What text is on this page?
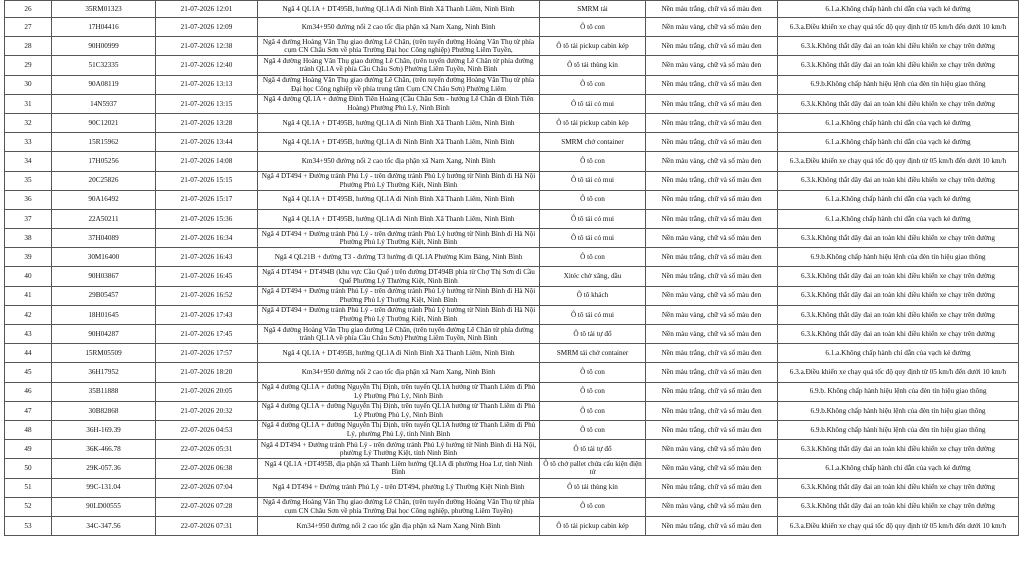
26	35RM01323	21-07-2026 12:01	Ngã 4 QL1A + DT495B, hướng QL1A đi Ninh Bình Xã Thanh Liêm, Ninh Bình	SMRM tải	Nền màu trắng, chữ và số màu đen	6.1.a.Không chấp hành chỉ dẫn của vạch kẻ đường
27	17H04416	21-07-2026 12:09	Km34+950 đường nối 2 cao tốc địa phận xã Nam Xang, Ninh Bình	Ô tô con	Nền màu vàng, chữ và số màu đen	6.3.a.Điều khiển xe chạy quá tốc độ quy định từ 05 km/h đến dưới 10 km/h
28	90H00999	21-07-2026 12:38	Ngã 4 đường Hoàng Văn Thụ giao đường Lê Chân, (trên tuyến đường Hoàng Văn Thụ từ phía cụm CN Châu Sơn về phía Trường Đại học Công nghiệp) Phường Liêm Tuyền,	Ô tô tải pickup cabin kép	Nền màu trắng, chữ và số màu đen	6.3.k.Không thắt dây đai an toàn khi điều khiển xe chạy trên đường
29	51C32335	21-07-2026 12:40	Ngã 4 đường Hoàng Văn Thụ giao đường Lê Chân, (trên tuyến đường Lê Chân từ phía đường tránh QL1A về phía Cầu Châu Sơn) Phường Liêm Tuyền, Ninh Bình	Ô tô tải thùng kín	Nền màu vàng, chữ và số màu đen	6.3.k.Không thắt dây đai an toàn khi điều khiển xe chạy trên đường
30	90A08119	21-07-2026 13:13	Ngã 4 đường Hoàng Văn Thụ giao đường Lê Chân, (trên tuyến đường Hoàng Văn Thụ từ phía Đại học Công nghiệp về phía trung tâm Cụm CN Châu Sơn) Phường Liêm	Ô tô con	Nền màu trắng, chữ và số màu đen	6.9.b.Không chấp hành hiệu lệnh của đèn tín hiệu giao thông
31	14N5937	21-07-2026 13:15	Ngã 4 đường QL1A + đường Đinh Tiên Hoàng (Cầu Châu Sơn - hướng Lê Chân đi Đinh Tiên Hoàng) Phường Phủ Lý, Ninh Bình	Ô tô tải có mui	Nền màu trắng, chữ và số màu đen	6.3.k.Không thắt dây đai an toàn khi điều khiển xe chạy trên đường
32	90C12021	21-07-2026 13:28	Ngã 4 QL1A + DT495B, hướng QL1A đi Ninh Bình Xã Thanh Liêm, Ninh Bình	Ô tô tải pickup cabin kép	Nền màu trắng, chữ và số màu đen	6.1.a.Không chấp hành chỉ dẫn của vạch kẻ đường
33	15R15962	21-07-2026 13:44	Ngã 4 QL1A + DT495B, hướng QL1A đi Ninh Bình Xã Thanh Liêm, Ninh Bình	SMRM chở container	Nền màu trắng, chữ và số màu đen	6.1.a.Không chấp hành chỉ dẫn của vạch kẻ đường
34	17H05256	21-07-2026 14:08	Km34+950 đường nối 2 cao tốc địa phận xã Nam Xang, Ninh Bình	Ô tô con	Nền màu vàng, chữ và số màu đen	6.3.a.Điều khiển xe chạy quá tốc độ quy định từ 05 km/h đến dưới 10 km/h
35	20C25826	21-07-2026 15:15	Ngã 4 DT494 + Đường tránh Phủ Lý - trên đường tránh Phủ Lý hướng từ Ninh Bình đi Hà Nội Phường Phủ Lý Thường Kiệt, Ninh Bình	Ô tô tải có mui	Nền màu trắng, chữ và số màu đen	6.3.k.Không thắt dây đai an toàn khi điều khiển xe chạy trên đường
36	90A16492	21-07-2026 15:17	Ngã 4 QL1A + DT495B, hướng QL1A đi Ninh Bình Xã Thanh Liêm, Ninh Bình	Ô tô con	Nền màu trắng, chữ và số màu đen	6.1.a.Không chấp hành chỉ dẫn của vạch kẻ đường
37	22A50211	21-07-2026 15:36	Ngã 4 QL1A + DT495B, hướng QL1A đi Ninh Bình Xã Thanh Liêm, Ninh Bình	Ô tô tải có mui	Nền màu trắng, chữ và số màu đen	6.1.a.Không chấp hành chỉ dẫn của vạch kẻ đường
38	37H04089	21-07-2026 16:34	Ngã 4 DT494 + Đường tránh Phủ Lý - trên đường tránh Phủ Lý hướng từ Ninh Bình đi Hà Nội Phường Phủ Lý Thường Kiệt, Ninh Bình	Ô tô tải có mui	Nền màu vàng, chữ và số màu đen	6.3.k.Không thắt dây đai an toàn khi điều khiển xe chạy trên đường
39	30M16400	21-07-2026 16:43	Ngã 4 QL21B + đường T3 - đường T3 hướng đi QL1A Phường Kim Bảng, Ninh Bình	Ô tô con	Nền màu trắng, chữ và số màu đen	6.9.b.Không chấp hành hiệu lệnh của đèn tín hiệu giao thông
40	90H03867	21-07-2026 16:45	Ngã 4 DT494 + DT494B (khu vực Cầu Quế ) trên đường DT494B phía từ Chợ Thị Sơn đi Cầu Quế Phường Lý Thường Kiệt, Ninh Bình	Xitéc chở xăng, dầu	Nền màu trắng, chữ và số màu đen	6.3.k.Không thắt dây đai an toàn khi điều khiển xe chạy trên đường
41	29B05457	21-07-2026 16:52	Ngã 4 DT494 + Đường tránh Phủ Lý - trên đường tránh Phủ Lý hướng từ Ninh Bình đi Hà Nội Phường Phủ Lý Thường Kiệt, Ninh Bình	Ô tô khách	Nền màu vàng, chữ và số màu đen	6.3.k.Không thắt dây đai an toàn khi điều khiển xe chạy trên đường
42	18H01645	21-07-2026 17:43	Ngã 4 DT494 + Đường tránh Phủ Lý - trên đường tránh Phủ Lý hướng từ Ninh Bình đi Hà Nội Phường Phủ Lý Thường Kiệt, Ninh Bình	Ô tô tải có mui	Nền màu vàng, chữ và số màu đen	6.3.k.Không thắt dây đai an toàn khi điều khiển xe chạy trên đường
43	90H04287	21-07-2026 17:45	Ngã 4 đường Hoàng Văn Thụ giao đường Lê Chân, (trên tuyến đường Lê Chân từ phía đường tránh QL1A về phía Cầu Châu Sơn) Phường Liêm Tuyền, Ninh Bình	Ô tô tải tự đổ	Nền màu vàng, chữ và số màu đen	6.3.k.Không thắt dây đai an toàn khi điều khiển xe chạy trên đường
44	15RM05509	21-07-2026 17:57	Ngã 4 QL1A + DT495B, hướng QL1A đi Ninh Bình Xã Thanh Liêm, Ninh Bình	SMRM tải chở container	Nền màu trắng, chữ và số màu đen	6.1.a.Không chấp hành chỉ dẫn của vạch kẻ đường
45	36H17952	21-07-2026 18:20	Km34+950 đường nối 2 cao tốc địa phận xã Nam Xang, Ninh Bình	Ô tô con	Nền màu trắng, chữ và số màu đen	6.3.a.Điều khiển xe chạy quá tốc độ quy định từ 05 km/h đến dưới 10 km/h
46	35B11888	21-07-2026 20:05	Ngã 4 đường QL1A + đường Nguyễn Thị Định, trên tuyến QL1A hướng từ Thanh Liêm đi Phủ Lý Phường Phủ Lý, Ninh Bình	Ô tô con	Nền màu trắng, chữ và số màu đen	6.9.b. Không chấp hành hiệu lệnh của đèn tín hiệu giao thông
47	30B82868	21-07-2026 20:32	Ngã 4 đường QL1A + đường Nguyễn Thị Định, trên tuyến QL1A hướng từ Thanh Liêm đi Phủ Lý Phường Phủ Lý, Ninh Bình	Ô tô con	Nền màu trắng, chữ và số màu đen	6.9.b.Không chấp hành hiệu lệnh của đèn tín hiệu giao thông
48	36H-169.39	22-07-2026 04:53	Ngã 4 đường QL1A + đường Nguyễn Thị Định, trên tuyến QL1A hướng từ Thanh Liêm đi Phủ Lý, phường Phủ Lý, tỉnh Ninh Bình	Ô tô con	Nền màu trắng, chữ và số màu đen	6.9.b.Không chấp hành hiệu lệnh của đèn tín hiệu giao thông
49	36K-466.78	22-07-2026 05:31	Ngã 4 DT494 + Đường tránh Phủ Lý - trên đường tránh Phủ Lý hướng từ Ninh Bình đi Hà Nội, phường Lý Thường Kiệt, tỉnh Ninh Bình	Ô tô tải tự đổ	Nền màu vàng, chữ và số màu đen	6.3.k.Không thắt dây đai an toàn khi điều khiển xe chạy trên đường
50	29K-057.36	22-07-2026 06:38	Ngã 4 QL1A +DT495B, địa phận xã Thanh Liêm hướng QL1A đi phường Hoa Lư, tỉnh Ninh Bình	Ô tô chở pallet chứa cấu kiện điện tử	Nền màu vàng, chữ và số màu đen	6.1.a.Không chấp hành chỉ dẫn của vạch kẻ đường
51	99C-131.04	22-07-2026 07:04	Ngã 4 DT494 + Đường tránh Phủ Lý - trên DT494, phường Lý Thường Kiệt Ninh Bình	Ô tô tải thùng kín	Nền màu trắng, chữ và số màu đen	6.3.k.Không thắt dây đai an toàn khi điều khiển xe chạy trên đường
52	90LD00555	22-07-2026 07:28	Ngã 4 đường Hoàng Văn Thụ giao đường Lê Chân, (trên tuyến đường Hoàng Văn Thụ từ phía cụm CN Châu Sơn về phía Trường Đại học Công nghiệp, phường Liêm Tuyền)	Ô tô con	Nền màu vàng, chữ và số màu đen	6.3.k.Không thắt dây đai an toàn khi điều khiển xe chạy trên đường
53	34C-347.56	22-07-2026 07:31	Km34+950 đường nối 2 cao tốc gần địa phận xã Nam Xang Ninh Bình	Ô tô tải pickup cabin kép	Nền màu trắng, chữ và số màu đen	6.3.a.Điều khiển xe chạy quá tốc độ quy định từ 05 km/h đến dưới 10 km/h
